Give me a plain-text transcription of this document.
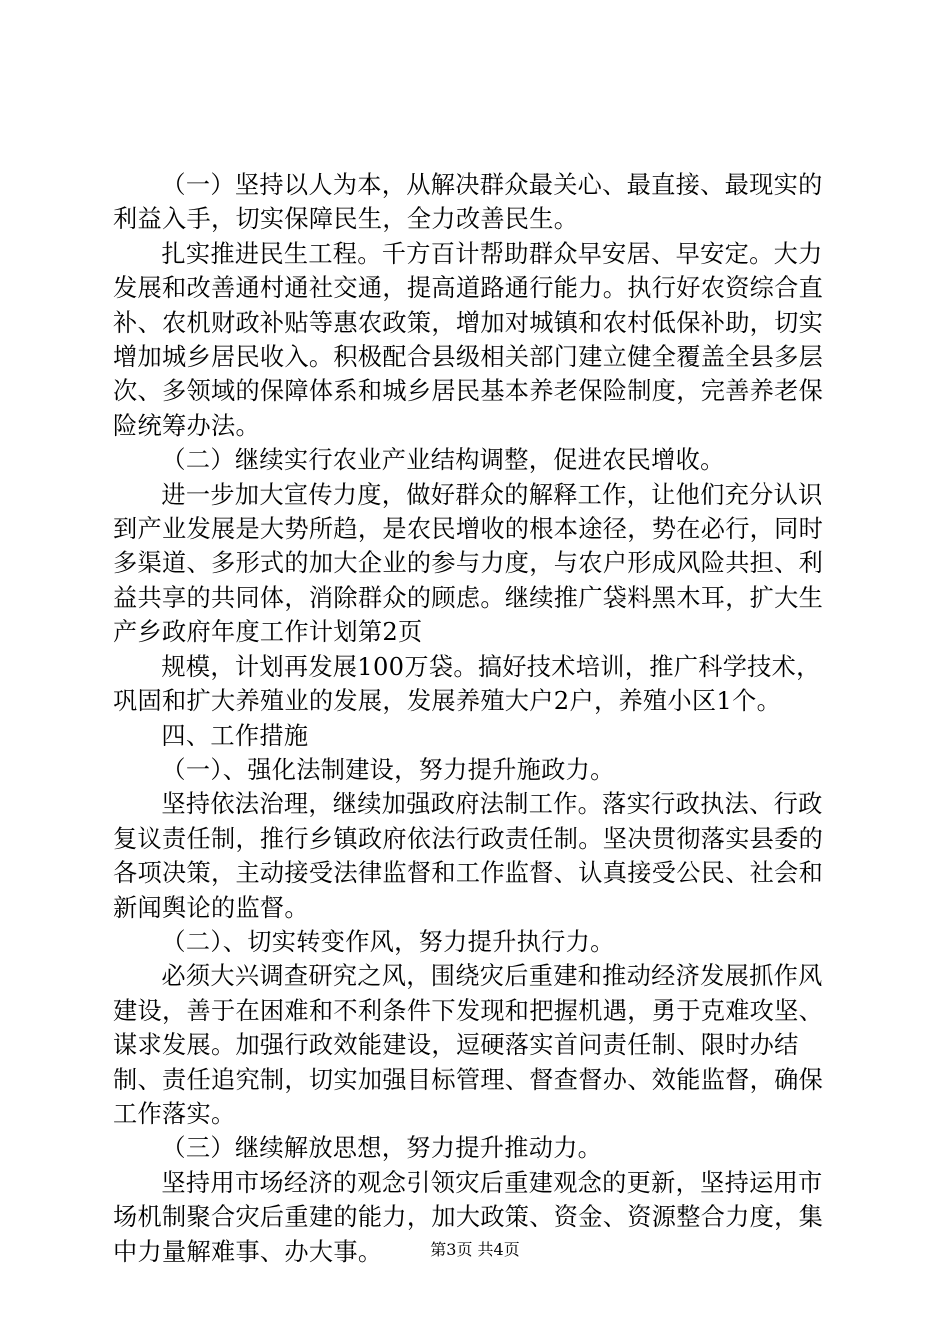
（一）坚持以人为本，从解决群众最关心、最直接、最现实的利益入手，切实保障民生，全力改善民生。

扎实推进民生工程。千方百计帮助群众早安居、早安定。大力发展和改善通村通社交通，提高道路通行能力。执行好农资综合直补、农机财政补贴等惠农政策，增加对城镇和农村低保补助，切实增加城乡居民收入。积极配合县级相关部门建立健全覆盖全县多层次、多领域的保障体系和城乡居民基本养老保险制度，完善养老保险统筹办法。

（二）继续实行农业产业结构调整，促进农民增收。

进一步加大宣传力度，做好群众的解释工作，让他们充分认识到产业发展是大势所趋，是农民增收的根本途径，势在必行，同时多渠道、多形式的加大企业的参与力度，与农户形成风险共担、利益共享的共同体，消除群众的顾虑。继续推广袋料黑木耳，扩大生产乡政府年度工作计划第2页

规模，计划再发展100万袋。搞好技术培训，推广科学技术，巩固和扩大养殖业的发展，发展养殖大户2户，养殖小区1个。

四、工作措施

（一）、强化法制建设，努力提升施政力。

坚持依法治理，继续加强政府法制工作。落实行政执法、行政复议责任制，推行乡镇政府依法行政责任制。坚决贯彻落实县委的各项决策，主动接受法律监督和工作监督、认真接受公民、社会和新闻舆论的监督。

（二）、切实转变作风，努力提升执行力。

必须大兴调查研究之风，围绕灾后重建和推动经济发展抓作风建设，善于在困难和不利条件下发现和把握机遇，勇于克难攻坚、谋求发展。加强行政效能建设，逗硬落实首问责任制、限时办结制、责任追究制，切实加强目标管理、督查督办、效能监督，确保工作落实。

（三）继续解放思想，努力提升推动力。

坚持用市场经济的观念引领灾后重建观念的更新，坚持运用市场机制聚合灾后重建的能力，加大政策、资金、资源整合力度，集中力量解难事、办大事。	第3页 共4页
